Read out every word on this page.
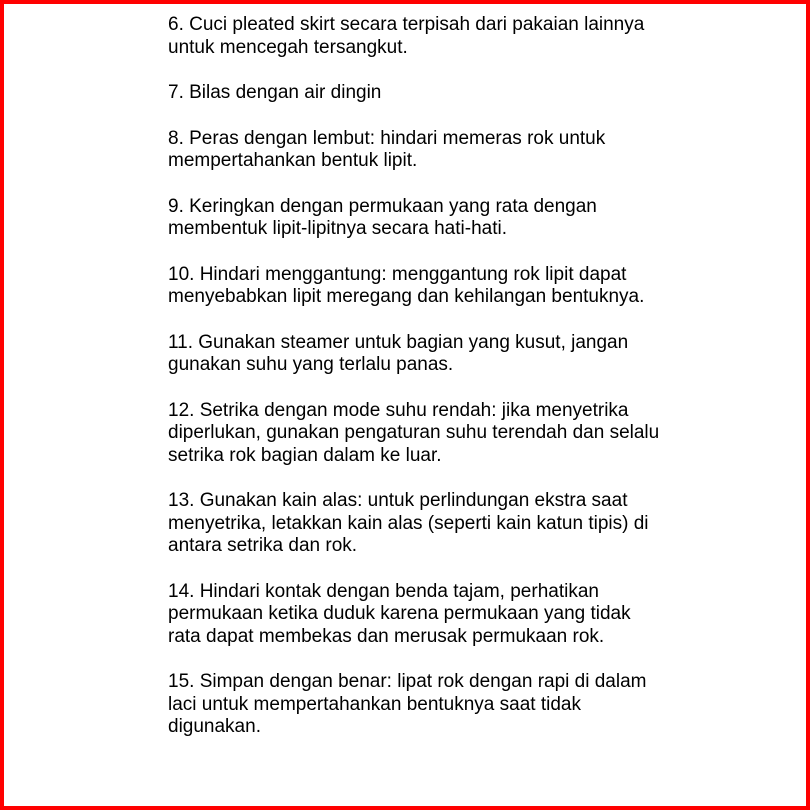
6. Cuci pleated skirt secara terpisah dari pakaian lainnya untuk mencegah tersangkut.

7. Bilas dengan air dingin

8. Peras dengan lembut: hindari memeras rok untuk mempertahankan bentuk lipit.

9. Keringkan dengan permukaan yang rata dengan membentuk lipit-lipitnya secara hati-hati.

10. Hindari menggantung: menggantung rok lipit dapat menyebabkan lipit meregang dan kehilangan bentuknya.

11. Gunakan steamer untuk bagian yang kusut, jangan gunakan suhu yang terlalu panas.

12. Setrika dengan mode suhu rendah: jika menyetrika diperlukan, gunakan pengaturan suhu terendah dan selalu setrika rok bagian dalam ke luar.

13. Gunakan kain alas: untuk perlindungan ekstra saat menyetrika, letakkan kain alas (seperti kain katun tipis) di antara setrika dan rok.

14. Hindari kontak dengan benda tajam, perhatikan permukaan ketika duduk karena permukaan yang tidak rata dapat membekas dan merusak permukaan rok.

15. Simpan dengan benar: lipat rok dengan rapi di dalam laci untuk mempertahankan bentuknya saat tidak digunakan.
